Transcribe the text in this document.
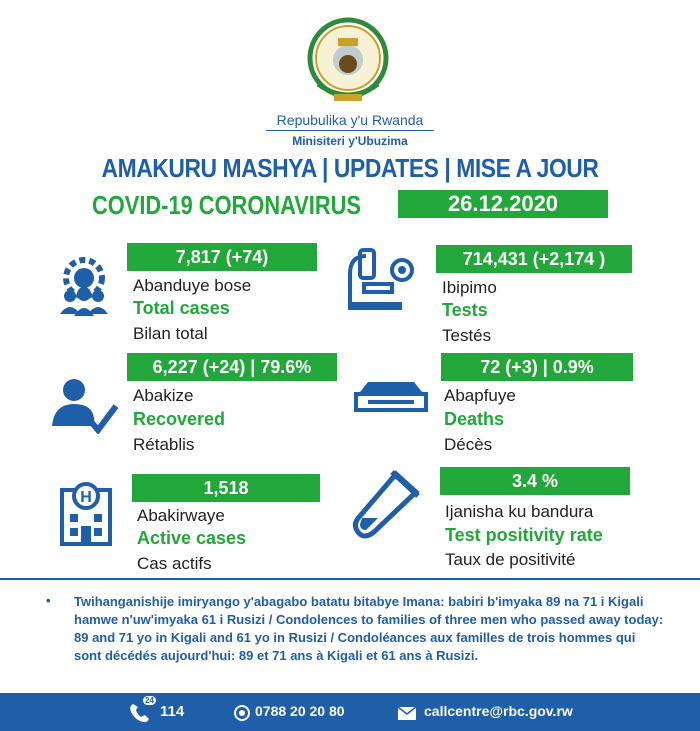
Repubulika y'u Rwanda
Minisiteri y'Ubuzima
AMAKURU MASHYA | UPDATES | MISE A JOUR
COVID-19 CORONAVIRUS	26.12.2020
7,817 (+74)
Abanduye bose
Total cases
Bilan total
714,431 (+2,174 )
Ibipimo
Tests
Testés
6,227 (+24) | 79.6%
Abakize
Recovered
Rétablis
72 (+3) | 0.9%
Abapfuye
Deaths
Décès
H	1,518
Abakirwaye
Active cases
Cas actifs
3.4 %
Ijanisha ku bandura
Test positivity rate
Taux de positivité
• Twihanganishije imiryango y'abagabo batatu bitabye Imana: babiri b'imyaka 89 na 71 i Kigali hamwe n'uw'imyaka 61 i Rusizi / Condolences to families of three men who passed away today: 89 and 71 yo in Kigali and 61 yo in Rusizi / Condoléances aux familles de trois hommes qui sont décédés aujourd'hui: 89 et 71 ans à Kigali et 61 ans à Rusizi.
24
114	0788 20 20 80	callcentre@rbc.gov.rw
